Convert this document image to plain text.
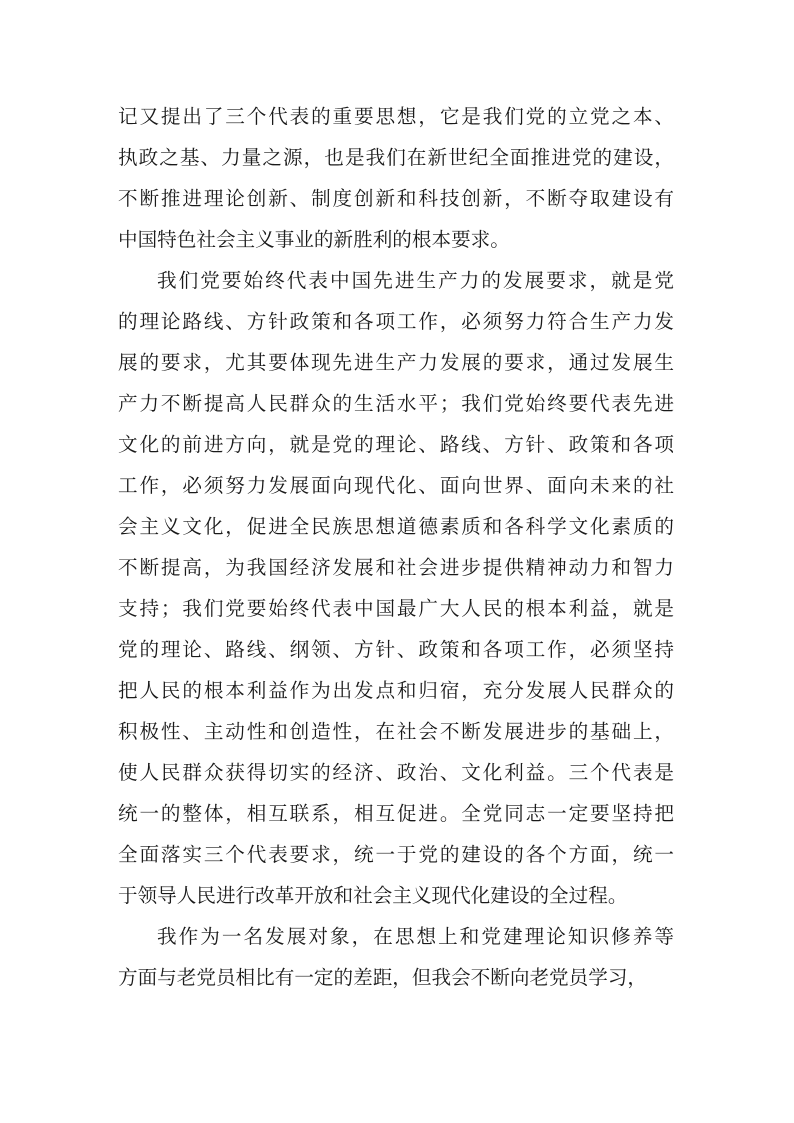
记又提出了三个代表的重要思想，它是我们党的立党之本、
执政之基、力量之源，也是我们在新世纪全面推进党的建设，
不断推进理论创新、制度创新和科技创新，不断夺取建设有
中国特色社会主义事业的新胜利的根本要求。
我们党要始终代表中国先进生产力的发展要求，就是党
的理论路线、方针政策和各项工作，必须努力符合生产力发
展的要求，尤其要体现先进生产力发展的要求，通过发展生
产力不断提高人民群众的生活水平；我们党始终要代表先进
文化的前进方向，就是党的理论、路线、方针、政策和各项
工作，必须努力发展面向现代化、面向世界、面向未来的社
会主义文化，促进全民族思想道德素质和各科学文化素质的
不断提高，为我国经济发展和社会进步提供精神动力和智力
支持；我们党要始终代表中国最广大人民的根本利益，就是
党的理论、路线、纲领、方针、政策和各项工作，必须坚持
把人民的根本利益作为出发点和归宿，充分发展人民群众的
积极性、主动性和创造性，在社会不断发展进步的基础上，
使人民群众获得切实的经济、政治、文化利益。三个代表是
统一的整体，相互联系，相互促进。全党同志一定要坚持把
全面落实三个代表要求，统一于党的建设的各个方面，统一
于领导人民进行改革开放和社会主义现代化建设的全过程。
我作为一名发展对象，在思想上和党建理论知识修养等
方面与老党员相比有一定的差距，但我会不断向老党员学习，
